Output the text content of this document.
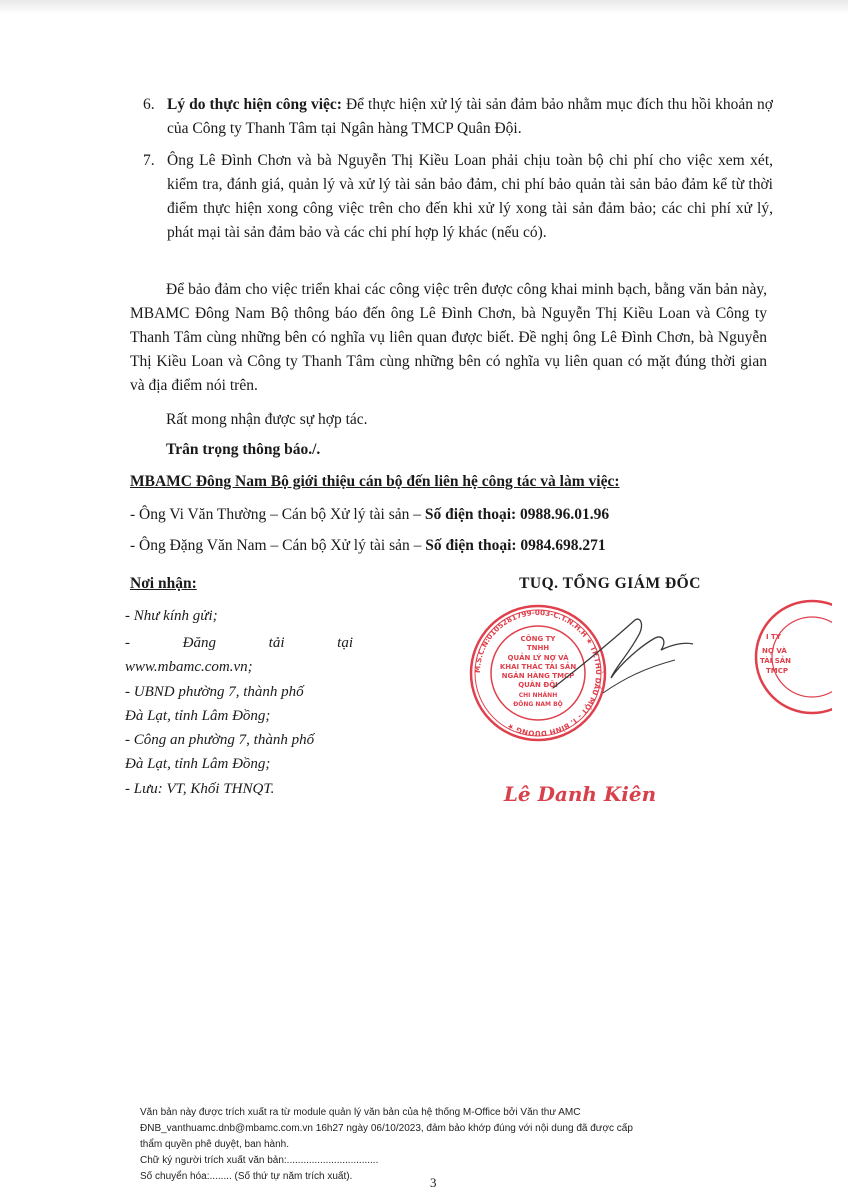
6. Lý do thực hiện công việc: Để thực hiện xử lý tài sản đảm bảo nhằm mục đích thu hồi khoản nợ của Công ty Thanh Tâm tại Ngân hàng TMCP Quân Đội.
7. Ông Lê Đình Chơn và bà Nguyễn Thị Kiều Loan phải chịu toàn bộ chi phí cho việc xem xét, kiểm tra, đánh giá, quản lý và xử lý tài sản bảo đảm, chi phí bảo quản tài sản bảo đảm kể từ thời điểm thực hiện xong công việc trên cho đến khi xử lý xong tài sản đảm bảo; các chi phí xử lý, phát mại tài sản đảm bảo và các chi phí hợp lý khác (nếu có).
Để bảo đảm cho việc triển khai các công việc trên được công khai minh bạch, bằng văn bản này, MBAMC Đông Nam Bộ thông báo đến ông Lê Đình Chơn, bà Nguyễn Thị Kiều Loan và Công ty Thanh Tâm cùng những bên có nghĩa vụ liên quan được biết. Đề nghị ông Lê Đình Chơn, bà Nguyễn Thị Kiều Loan và Công ty Thanh Tâm cùng những bên có nghĩa vụ liên quan có mặt đúng thời gian và địa điểm nói trên.
Rất mong nhận được sự hợp tác.
Trân trọng thông báo./.
MBAMC Đông Nam Bộ giới thiệu cán bộ đến liên hệ công tác và làm việc:
- Ông Vi Văn Thường – Cán bộ Xử lý tài sản – Số điện thoại: 0988.96.01.96
- Ông Đặng Văn Nam – Cán bộ Xử lý tài sản – Số điện thoại: 0984.698.271
Nơi nhận:
- Như kính gửi;
- Đăng tải tại
www.mbamc.com.vn;
- UBND phường 7, thành phố
Đà Lạt, tỉnh Lâm Đồng;
- Công an phường 7, thành phố
Đà Lạt, tỉnh Lâm Đồng;
- Lưu: VT, Khối THNQT.
TUQ. TỔNG GIÁM ĐỐC
M.S.C.N:0105281799-003-C.T.N.H.H ★ TP.THỦ DẦU MỘT - T. BÌNH DƯƠNG ★
CÔNG TY
TNHH
QUẢN LÝ NỢ VÀ
KHAI THÁC TÀI SẢN
NGÂN HÀNG TMCP
QUÂN ĐỘI
CHI NHÁNH
ĐÔNG NAM BỘ
I TY
NỢ VÀ
TÀI SẢN
TMCP
Lê Danh Kiên
Văn bản này được trích xuất ra từ module quản lý văn bản của hệ thống M-Office bởi Văn thư AMC
ĐNB_vanthuamc.dnb@mbamc.com.vn 16h27 ngày 06/10/2023, đảm bảo khớp đúng với nội dung đã được cấp
thẩm quyền phê duyệt, ban hành.
Chữ ký người trích xuất văn bản:.................................
Số chuyển hóa:........ (Số thứ tự năm trích xuất).	3
